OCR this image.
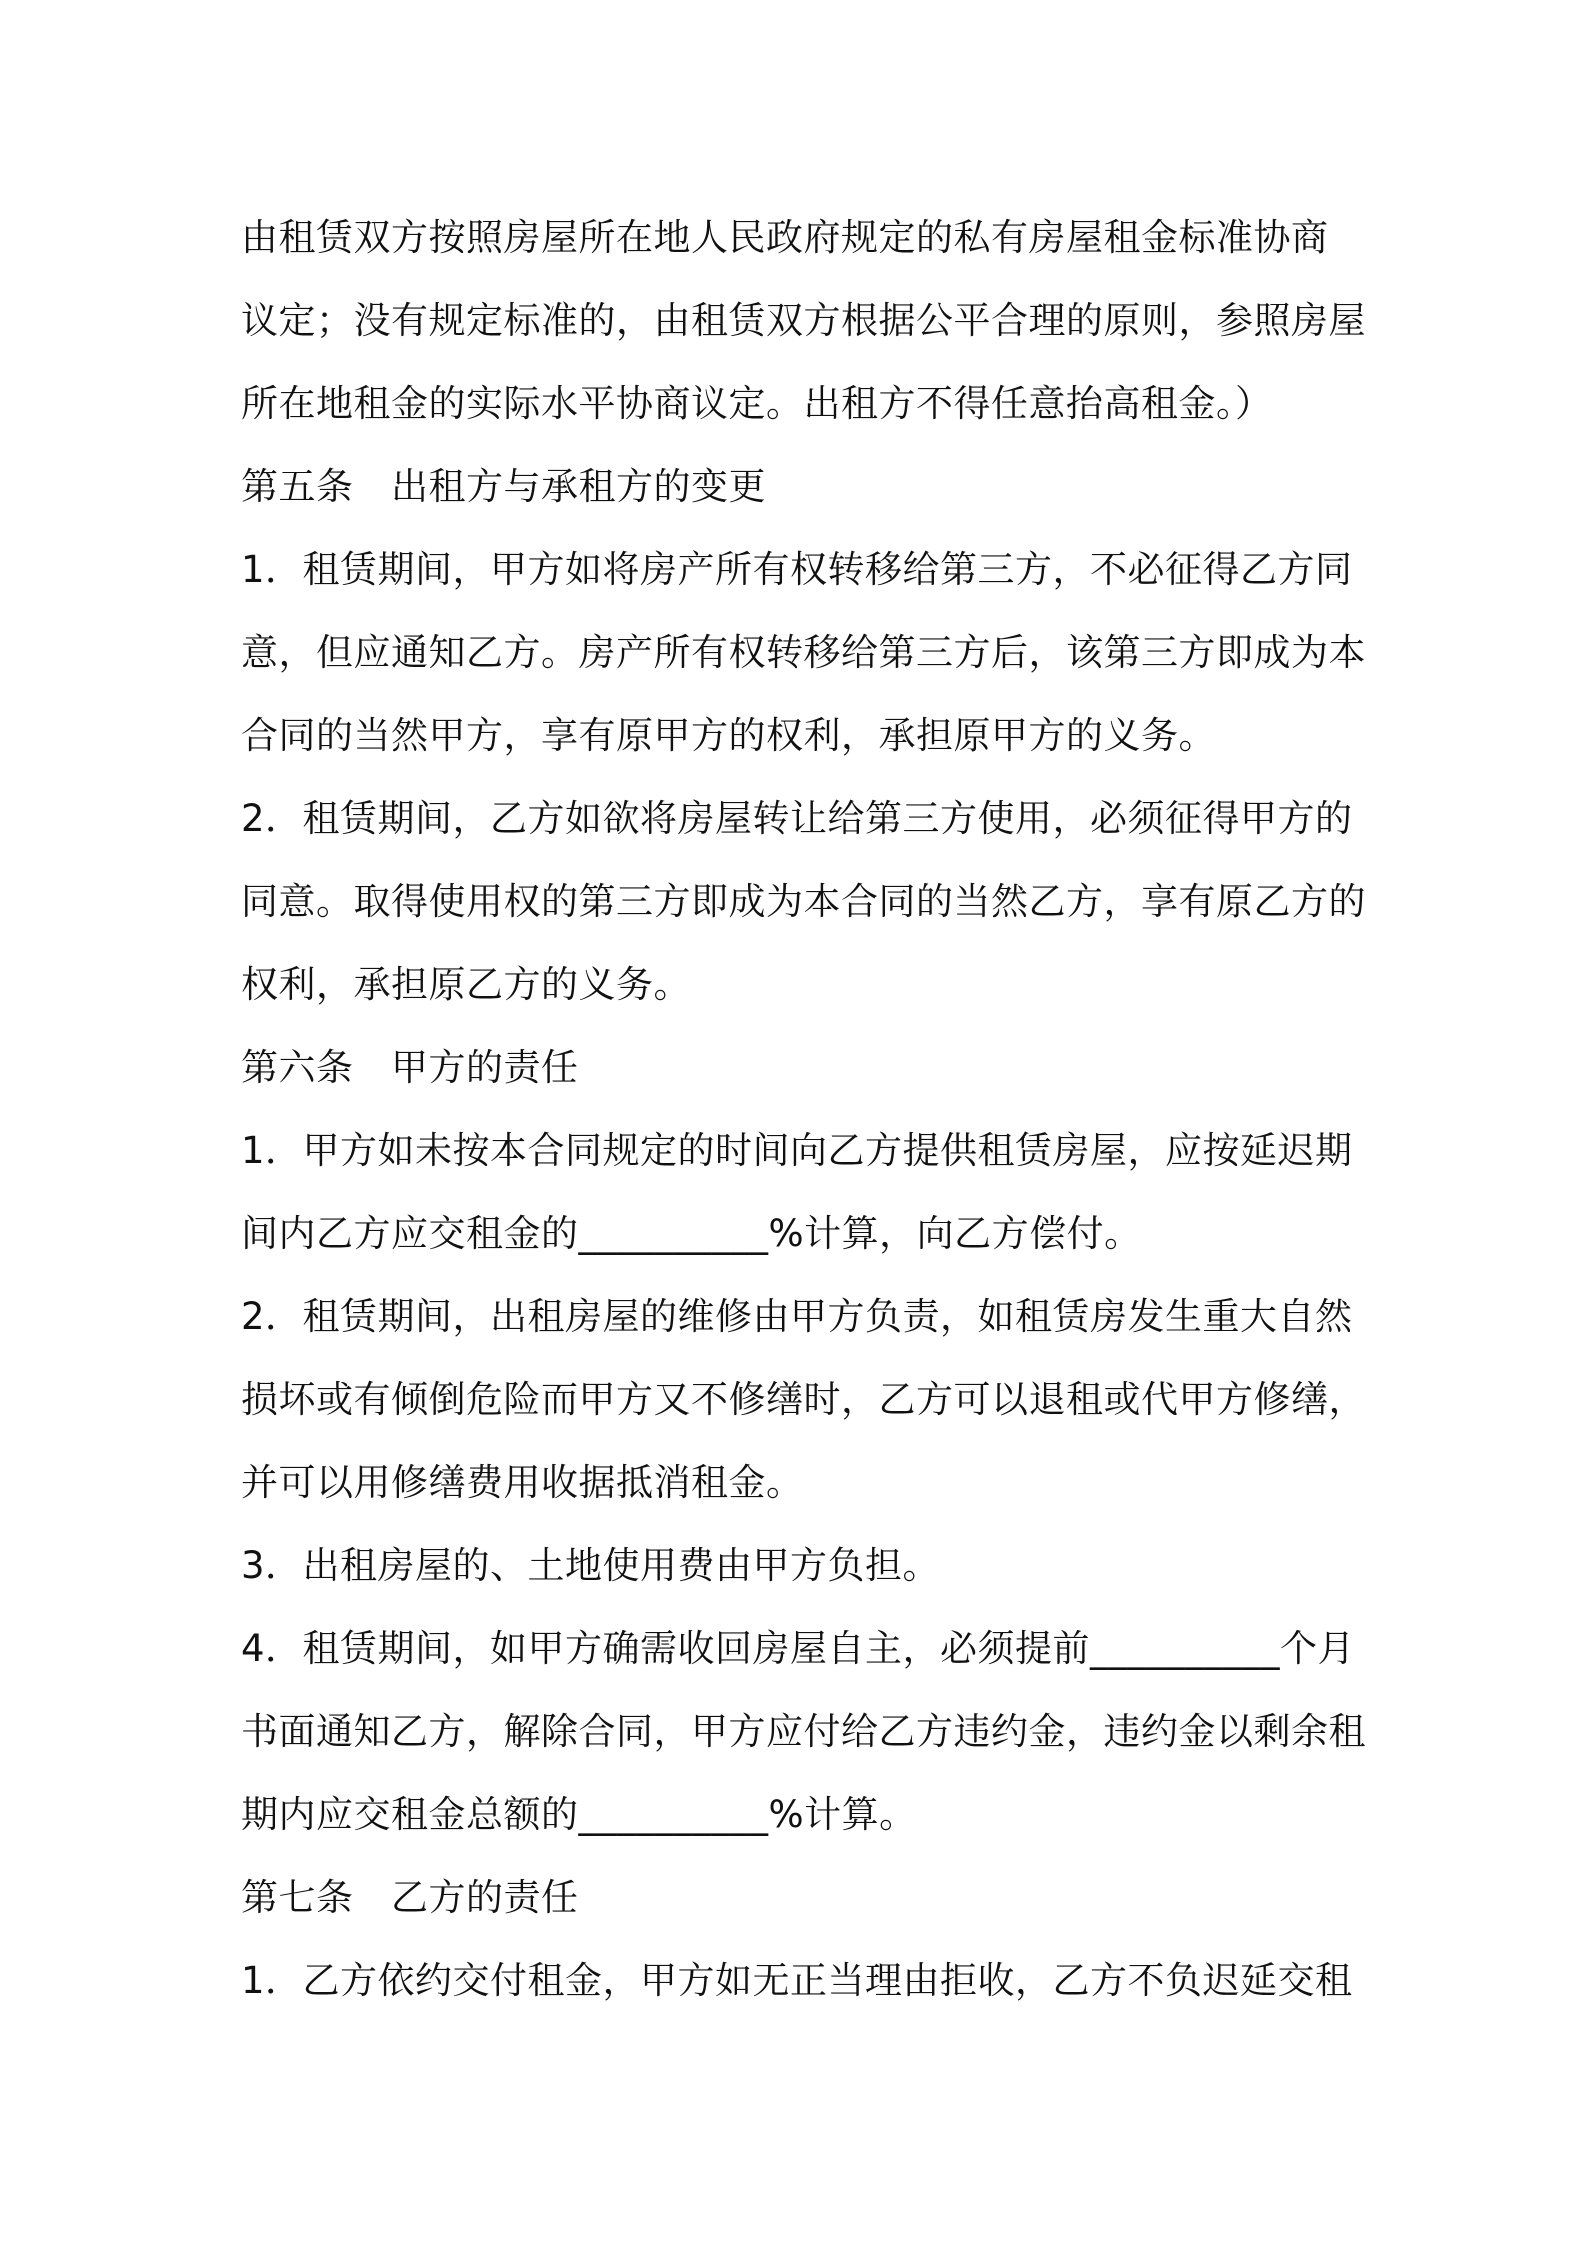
由租赁双方按照房屋所在地人民政府规定的私有房屋租金标准协商
议定；没有规定标准的，由租赁双方根据公平合理的原则，参照房屋
所在地租金的实际水平协商议定。出租方不得任意抬高租金。）
第五条　出租方与承租方的变更
1．租赁期间，甲方如将房产所有权转移给第三方，不必征得乙方同
意，但应通知乙方。房产所有权转移给第三方后，该第三方即成为本
合同的当然甲方，享有原甲方的权利，承担原甲方的义务。
2．租赁期间，乙方如欲将房屋转让给第三方使用，必须征得甲方的
同意。取得使用权的第三方即成为本合同的当然乙方，享有原乙方的
权利，承担原乙方的义务。
第六条　甲方的责任
1．甲方如未按本合同规定的时间向乙方提供租赁房屋，应按延迟期
间内乙方应交租金的__________%计算，向乙方偿付。
2．租赁期间，出租房屋的维修由甲方负责，如租赁房发生重大自然
损坏或有倾倒危险而甲方又不修缮时，乙方可以退租或代甲方修缮，
并可以用修缮费用收据抵消租金。
3．出租房屋的、土地使用费由甲方负担。
4．租赁期间，如甲方确需收回房屋自主，必须提前__________个月
书面通知乙方，解除合同，甲方应付给乙方违约金，违约金以剩余租
期内应交租金总额的__________%计算。
第七条　乙方的责任
1．乙方依约交付租金，甲方如无正当理由拒收，乙方不负迟延交租
